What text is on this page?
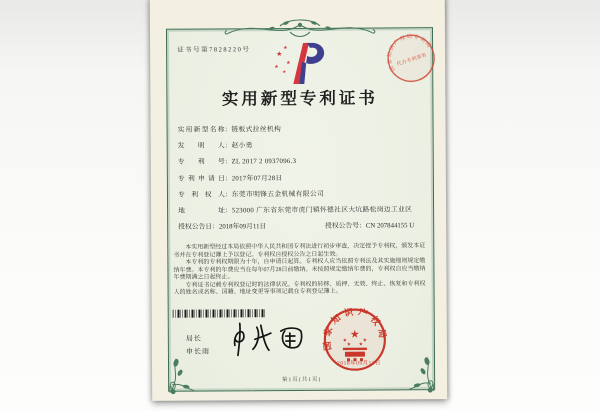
证书号第7828220号
国家知识产权局专利局
代办专利事务
★
★
★
★
★
实用新型专利证书
实用新型名称 ： 链板式拉丝机构
发 明 人 ： 赵小勇
专 利 号 ： ZL 2017 2 0937096.3
专利申请日 ： 2017年07月28日
专 利 权 人 ： 东莞市明锋五金机械有限公司
地 址 ： 523000 广东省东莞市虎门镇怀德社区大坑路松岗边工业区
授权公告日：2018年09月11日	授权公告号：CN 207844155 U

本实用新型经过本局依照中华人民共和国专利法进行初步审查，决定授予专利权，颁发本证书并在专利登记簿上予以登记。专利权自授权公告之日起生效。

本专利的专利权期限为十年，自申请日起算。专利权人应当依照专利法及其实施细则规定缴纳年费。本专利的年费应当在每年07月28日前缴纳。未按照规定缴纳年费的，专利权自应当缴纳年费期满之日起终止。

专利证书记载专利权登记时的法律状况。专利权的转移、质押、无效、终止、恢复和专利权人的姓名或名称、国籍、地址变更等事项记载在专利登记簿上。

局长
申长雨	国家知识产权局
★
★	★
★ ★
2018年09月11日
第1页(共1页)
